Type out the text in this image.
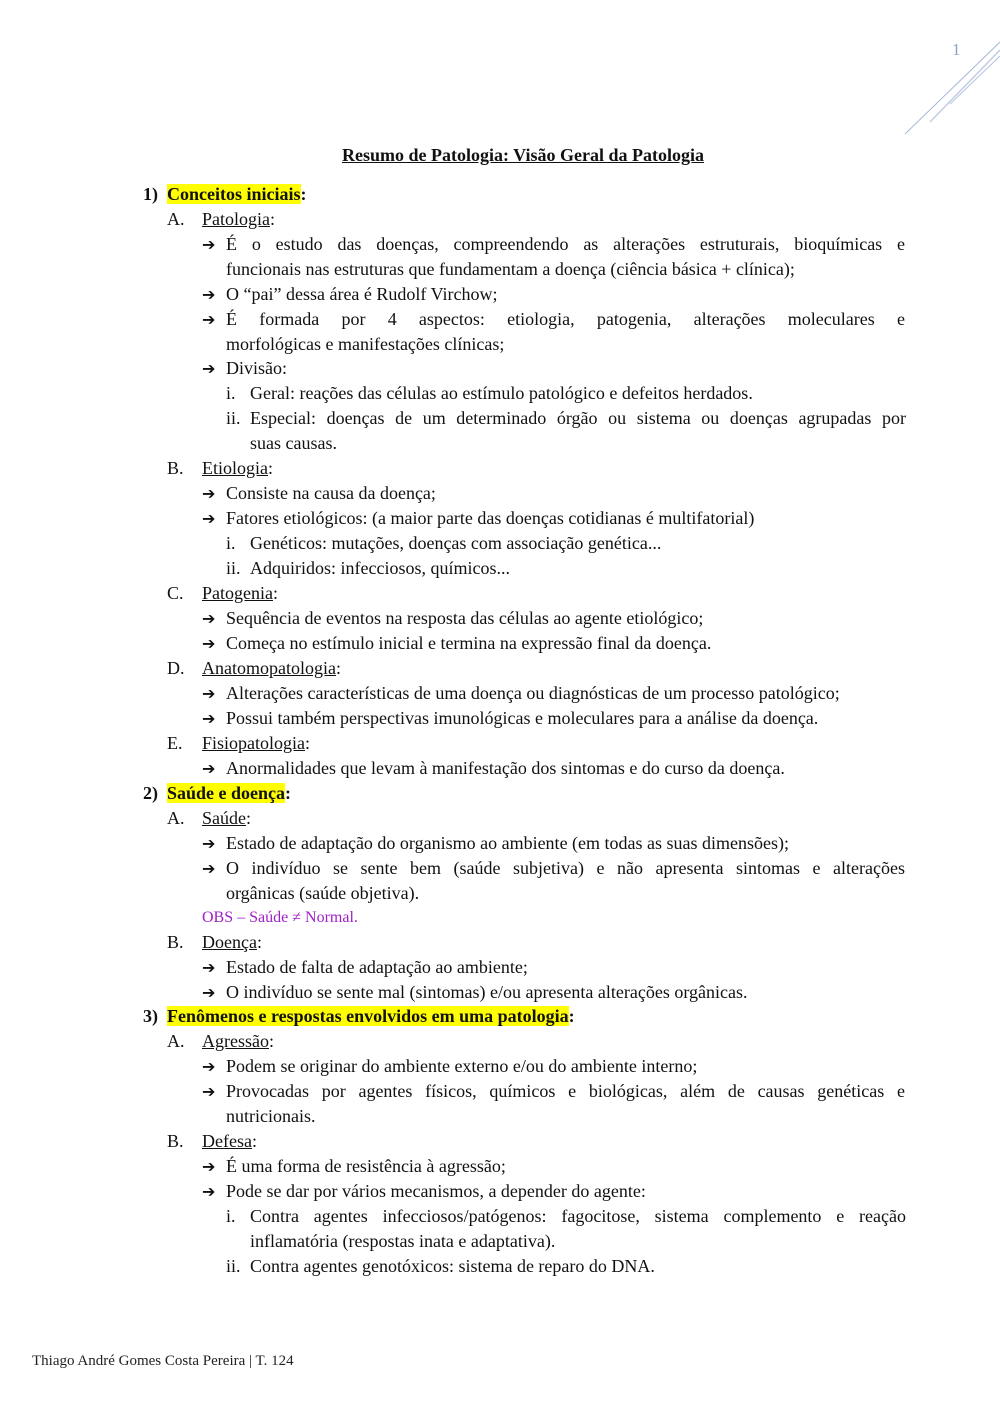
1
Resumo de Patologia: Visão Geral da Patologia
1) Conceitos iniciais:
A. Patologia:
➔ É o estudo das doenças, compreendendo as alterações estruturais, bioquímicas e
funcionais nas estruturas que fundamentam a doença (ciência básica + clínica);
➔ O “pai” dessa área é Rudolf Virchow;
➔ É formada por 4 aspectos: etiologia, patogenia, alterações moleculares e
morfológicas e manifestações clínicas;
➔ Divisão:
i. Geral: reações das células ao estímulo patológico e defeitos herdados.
ii. Especial: doenças de um determinado órgão ou sistema ou doenças agrupadas por
suas causas.
B. Etiologia:
➔ Consiste na causa da doença;
➔ Fatores etiológicos: (a maior parte das doenças cotidianas é multifatorial)
i. Genéticos: mutações, doenças com associação genética...
ii. Adquiridos: infecciosos, químicos...
C. Patogenia:
➔ Sequência de eventos na resposta das células ao agente etiológico;
➔ Começa no estímulo inicial e termina na expressão final da doença.
D. Anatomopatologia:
➔ Alterações características de uma doença ou diagnósticas de um processo patológico;
➔ Possui também perspectivas imunológicas e moleculares para a análise da doença.
E. Fisiopatologia:
➔ Anormalidades que levam à manifestação dos sintomas e do curso da doença.
2) Saúde e doença:
A. Saúde:
➔ Estado de adaptação do organismo ao ambiente (em todas as suas dimensões);
➔ O indivíduo se sente bem (saúde subjetiva) e não apresenta sintomas e alterações
orgânicas (saúde objetiva).
OBS – Saúde ≠ Normal.
B. Doença:
➔ Estado de falta de adaptação ao ambiente;
➔ O indivíduo se sente mal (sintomas) e/ou apresenta alterações orgânicas.
3) Fenômenos e respostas envolvidos em uma patologia:
A. Agressão:
➔ Podem se originar do ambiente externo e/ou do ambiente interno;
➔ Provocadas por agentes físicos, químicos e biológicas, além de causas genéticas e
nutricionais.
B. Defesa:
➔ É uma forma de resistência à agressão;
➔ Pode se dar por vários mecanismos, a depender do agente:
i. Contra agentes infecciosos/patógenos: fagocitose, sistema complemento e reação
inflamatória (respostas inata e adaptativa).
ii. Contra agentes genotóxicos: sistema de reparo do DNA.
Thiago André Gomes Costa Pereira | T. 124
